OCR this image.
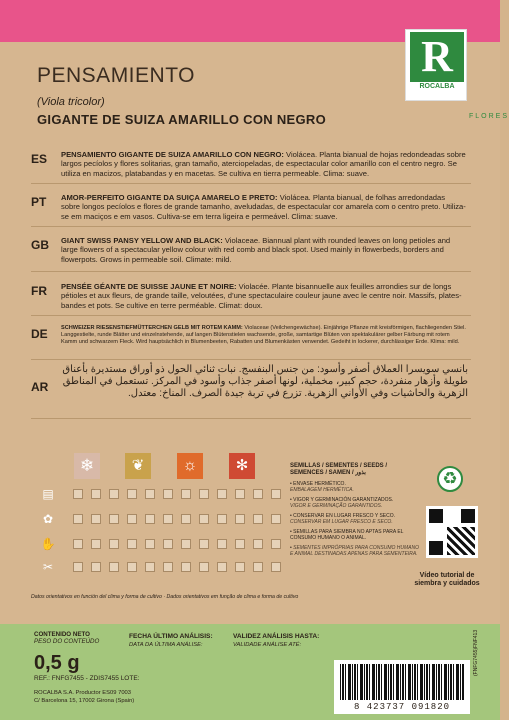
R
ROCALBA
FLORES
PENSAMIENTO
(Viola tricolor)
GIGANTE DE SUIZA AMARILLO CON NEGRO
ES PENSAMIENTO GIGANTE DE SUIZA AMARILLO CON NEGRO: Violácea. Planta bianual de hojas redondeadas sobre largos pecíolos y flores solitarias, gran tamaño, aterciopeladas, de espectacular color amarillo con el centro negro. Se utiliza en macizos, platabandas y en macetas. Se cultiva en tierra permeable. Clima: suave.
PT AMOR-PERFEITO GIGANTE DA SUIÇA AMARELO E PRETO: Violácea. Planta bianual, de folhas arredondadas sobre longos pecíolos e flores de grande tamanho, aveludadas, de espectacular cor amarela com o centro preto. Utiliza-se em maciços e em vasos. Cultiva-se em terra ligeira e permeável. Clima: suave.
GB GIANT SWISS PANSY YELLOW AND BLACK: Violaceae. Biannual plant with rounded leaves on long petioles and large flowers of a spectacular yellow colour with red comb and black spot. Used mainly in flowerbeds, borders and flowerpots. Grows in permeable soil. Climate: mild.
FR PENSÉE GÉANTE DE SUISSE JAUNE ET NOIRE: Violacée. Plante bisannuelle aux feuilles arrondies sur de longs pétioles et aux fleurs, de grande taille, veloutées, d’une spectaculaire couleur jaune avec le centre noir. Massifs, plates-bandes et pots. Se cultive en terre perméable. Climat: doux.
DE SCHWEIZER RIESENSTIEFMÜTTERCHEN GELB MIT ROTEM KAMM: Violaceae (Veilchengewächse). Einjährige Pflanze mit kreisförmigen, flachliegenden Stiel. Langgestielte, runde Blätter und einzelnstehende, auf langen Blütenstielen wachsende, große, samtartige Blüten von spektakulärer gelber Färbung mit rotem Kamm und schwarzem Fleck. Wird hauptsächlich in Blumenbeeten, Rabatten und Blumenkästen verwendet. Gedeiht in lockerer, durchlässiger Erde. Klima: mild.
AR
بانسي سويسرا العملاق أصفر وأسود: من جنس البنفسج. نبات ثنائي الحول ذو أوراق مستديرة بأعناق طويلة وأزهار منفردة، حجم كبير، مخملية، لونها أصفر جذاب وأسود في المركز. تستعمل في المناطق الزهرية والحاشيات وفي الأواني الزهرية. تزرع في تربة جيدة الصرف. المناخ: معتدل.
❄	❦	☼	✻
▤
✿
✋
✂
SEMILLAS / SEMENTES / SEEDS / SEMENCES / SAMEN / بذور
• ENVASE HERMÉTICO.
EMBALAGEM HERMÉTICA.
• VIGOR Y GERMINACIÓN GARANTIZADOS.
VIGOR E GERMINAÇÃO GARANTIDOS.
• CONSERVAR EN LUGAR FRESCO Y SECO.
CONSERVAR EM LUGAR FRESCO E SECO.
• SEMILLAS PARA SIEMBRA NO APTAS PARA EL CONSUMO HUMANO O ANIMAL.
• SEMENTES IMPRÓPRIAS PARA CONSUMO HUMANO E ANIMAL DESTINADAS APENAS PARA SEMENTEIRA.
♻
Vídeo tutorial de siembra y cuidados
Datos orientativos en función del clima y forma de cultivo · Dados orientativos em função de clima e forma de cultivo
CONTENIDO NETO
PESO DO CONTEÚDO
0,5 g
REF.: FNFG7455 - ZDIS7455 LOTE:
ROCALBA S.A. Productor ES09 7003
C/ Barcelona 15, 17002 Girona (Spain)
FECHA ÚLTIMO ANÁLISIS:
DATA DA ÚLTIMA ANÁLISE:
VALIDEZ ANÁLISIS HASTA:
VALIDADE ANÁLISE ATÉ:
8 423737 091820
(FNFG7455)FNF413
